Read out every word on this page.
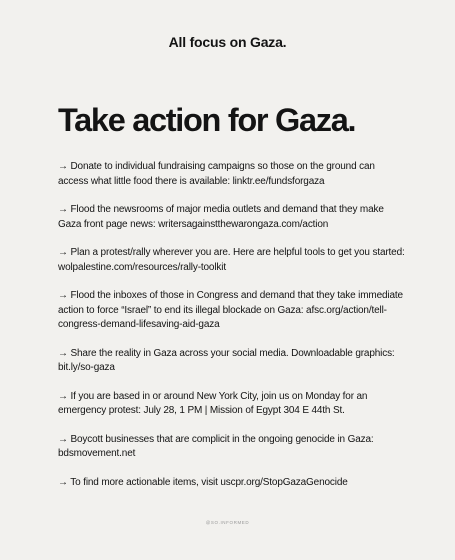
All focus on Gaza.
Take action for Gaza.
→ Donate to individual fundraising campaigns so those on the ground can access what little food there is available: linktr.ee/fundsforgaza
→ Flood the newsrooms of major media outlets and demand that they make Gaza front page news: writersagainstthewarongaza.com/action
→ Plan a protest/rally wherever you are. Here are helpful tools to get you started: wolpalestine.com/resources/rally-toolkit
→ Flood the inboxes of those in Congress and demand that they take immediate action to force “Israel” to end its illegal blockade on Gaza: afsc.org/action/tell-congress-demand-lifesaving-aid-gaza
→ Share the reality in Gaza across your social media. Downloadable graphics: bit.ly/so-gaza
→ If you are based in or around New York City, join us on Monday for an emergency protest: July 28, 1 PM | Mission of Egypt 304 E 44th St.
→ Boycott businesses that are complicit in the ongoing genocide in Gaza: bdsmovement.net
→ To find more actionable items, visit uscpr.org/StopGazaGenocide
@SO.INFORMED
